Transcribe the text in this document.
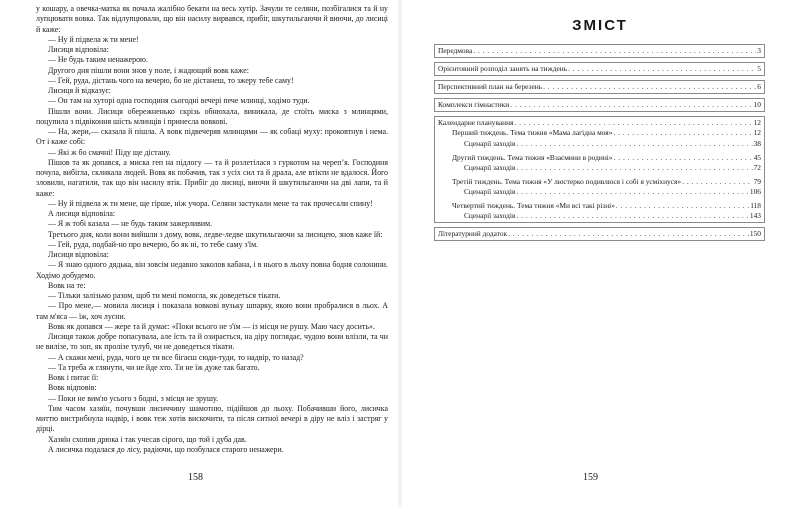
у кошару, а овечка-матка як почала жалібно бекати на весь хутір. Зачули те селяни, позбігалися та й ну лупцювати вовка. Так відлупцювали, що він насилу вирвався, прибіг, шкутильгаючи й виючи, до лисиці й каже:

— Ну й підвела ж ти мене!

Лисиця відповіла:

— Не будь таким ненажерою.

Другого дня пішли вони знов у поле, і жадющий вовк каже:

— Гей, руда, дістань чого на вечерю, бо не дістанеш, то зжеру тебе саму!

Лисиця й відказує:

— Он там на хуторі одна господиня сьогодні вечері пече млинці, ходімо туди.

Пішли вони. Лисиця обережненько скрізь обнюхала, виникала, де стоїть миска з млинцями, поцупила з підвіконня шість млинців і принесла вовкові.

— На, жери,— сказала й пішла. А вовк підвечеряв млинцями — як собаці муху: проковтнув і нема. От і каже собі:

— Які ж бо смачні! Піду ще дістану.

Пішов та як допався, а миска геп на підлогу — та й розлетілася з гуркотом на черепʼя. Господиня почула, вибігла, скликала людей. Вовк як побачив, так з усіх сил та й драла, але втікти не вдалося. Його зловили, нагатили, так що він насилу втік. Прибіг до лисиці, виючи й шкутильгаючи на дві лапи, та й каже:

— Ну й підвела ж ти мене, ще гірше, ніж учора. Селяни застукали мене та так прочесали спину!

А лисиця відповіла:

— Я ж тобі казала — не будь таким зажерливим.

Третього дня, коли вони вийшли з дому, вовк, ледве-ледве шкутильгаючи за лисицею, знов каже їй:

— Гей, руда, подбай-но про вечерю, бо як ні, то тебе саму з'їм.

Лисиця відповіла:

— Я знаю одного дядька, він зовсім недавно заколов кабана, і в нього в льоху повна бодня солонини. Ходімо добудемо.

Вовк на те:

— Тільки залізьмо разом, щоб ти мені помогла, як доведеться тікати.

— Про мене,— мовила лисиця і показала вовкові вузьку шпарку, якою вони пробралися в льох. А там м'яса — їж, хоч лусни.

Вовк як допався — жере та й думає: «Поки всього не з'їм — із місця не рушу. Маю часу досить».

Лисиця також добре попасувала, але їсть та й озирається, на діру поглядає, чудою вони влізли, та чи не вилізе, то зоп, як пролізе тулуб, чи не доведеться тікати.

— А скажи мені, руда, чого це ти все бігаєш сюди-туди, то надвір, то назад?

— Та треба ж глянути, чи не йде хто. Ти не їж дуже так багато.

Вовк і питає її:

Вовк відповів:

— Поки не вим'ю усього з бодні, з місця не зрушу.

Тим часом хазяїн, почувши лисиччину шамотню, підійшов до льоху. Побачивши його, лисичка миттю вистрибнула надвір, і вовк теж хотів вискочити, та після ситної вечері в діру не вліз і застряг у дірці.

Хазяїн схопив дрюка і так учесав сірого, що той і дуба дав.

А лисичка подалася до лісу, радіючи, що позбулася старого ненажери.

158
ЗМІСТ
Передмова . . .	3
Орієнтовний розподіл занять на тиждень . . .	5
Перспективний план на березень . . .	6
Комплекси гімнастики . . .	10
Календарне планування . . .	12
Перший тиждень. Тема тижня «Мама лагідна моя» . . .	12
Сценарії заходів . . .	38
Другий тиждень. Тема тижня «Взаємини в родині» . . .	45
Сценарії заходів . . .	72
Третій тиждень. Тема тижня «У люстерко подивлюся і собі я усміхнуся» . . .	79
Сценарії заходів . . .	106
Четвертий тиждень. Тема тижня «Ми всі такі різні» . . .	118
Сценарії заходів . . .	143
Літературний додаток . . .	150
159
